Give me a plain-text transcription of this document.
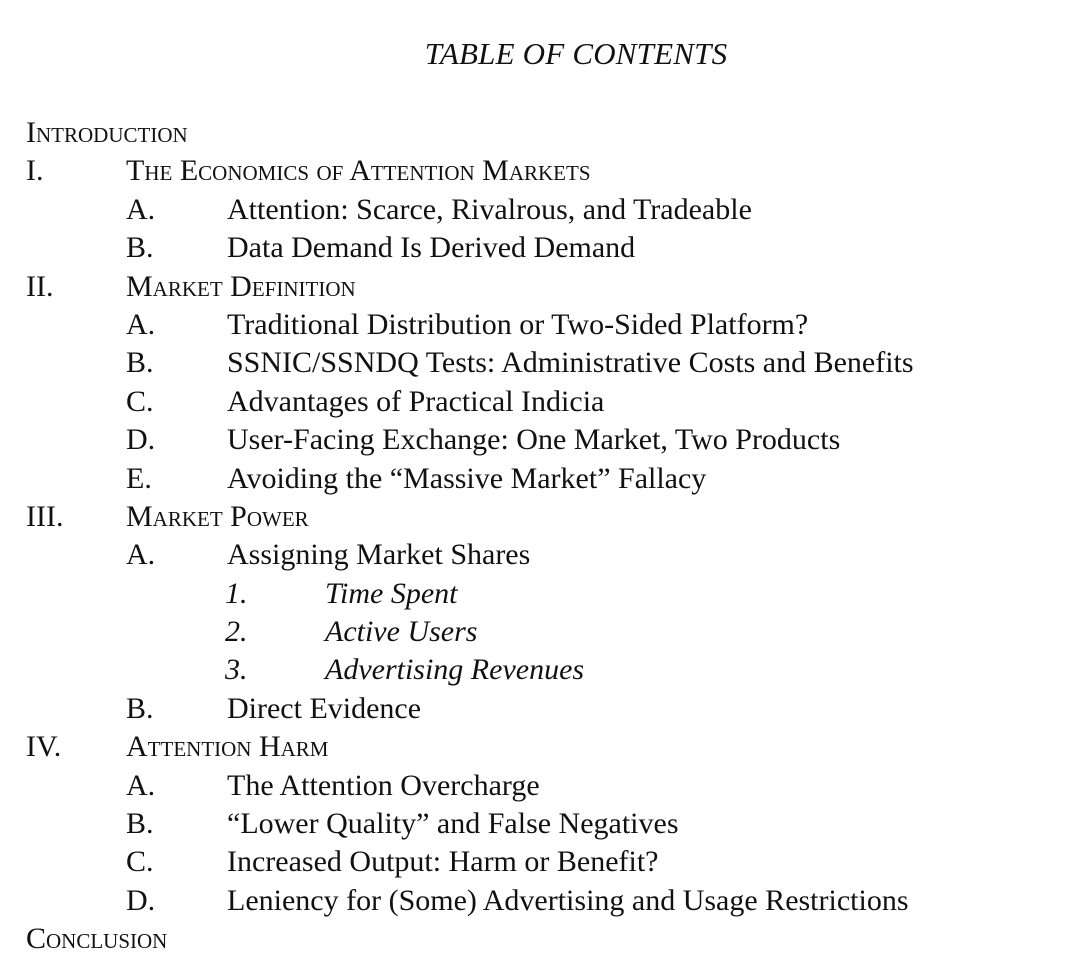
TABLE OF CONTENTS
Introduction
I.	The Economics of Attention Markets
A. Attention: Scarce, Rivalrous, and Tradeable
B. Data Demand Is Derived Demand
II. Market Definition
A. Traditional Distribution or Two-Sided Platform?
B. SSNIC/SSNDQ Tests: Administrative Costs and Benefits
C. Advantages of Practical Indicia
D. User-Facing Exchange: One Market, Two Products
E.	Avoiding the “Massive Market” Fallacy
III. Market Power
A. Assigning Market Shares
1.	Time Spent
2.	Active Users
3.	Advertising Revenues
B. Direct Evidence
IV. Attention Harm
A. The Attention Overcharge
B. “Lower Quality” and False Negatives
C. Increased Output: Harm or Benefit?
D. Leniency for (Some) Advertising and Usage Restrictions
Conclusion
